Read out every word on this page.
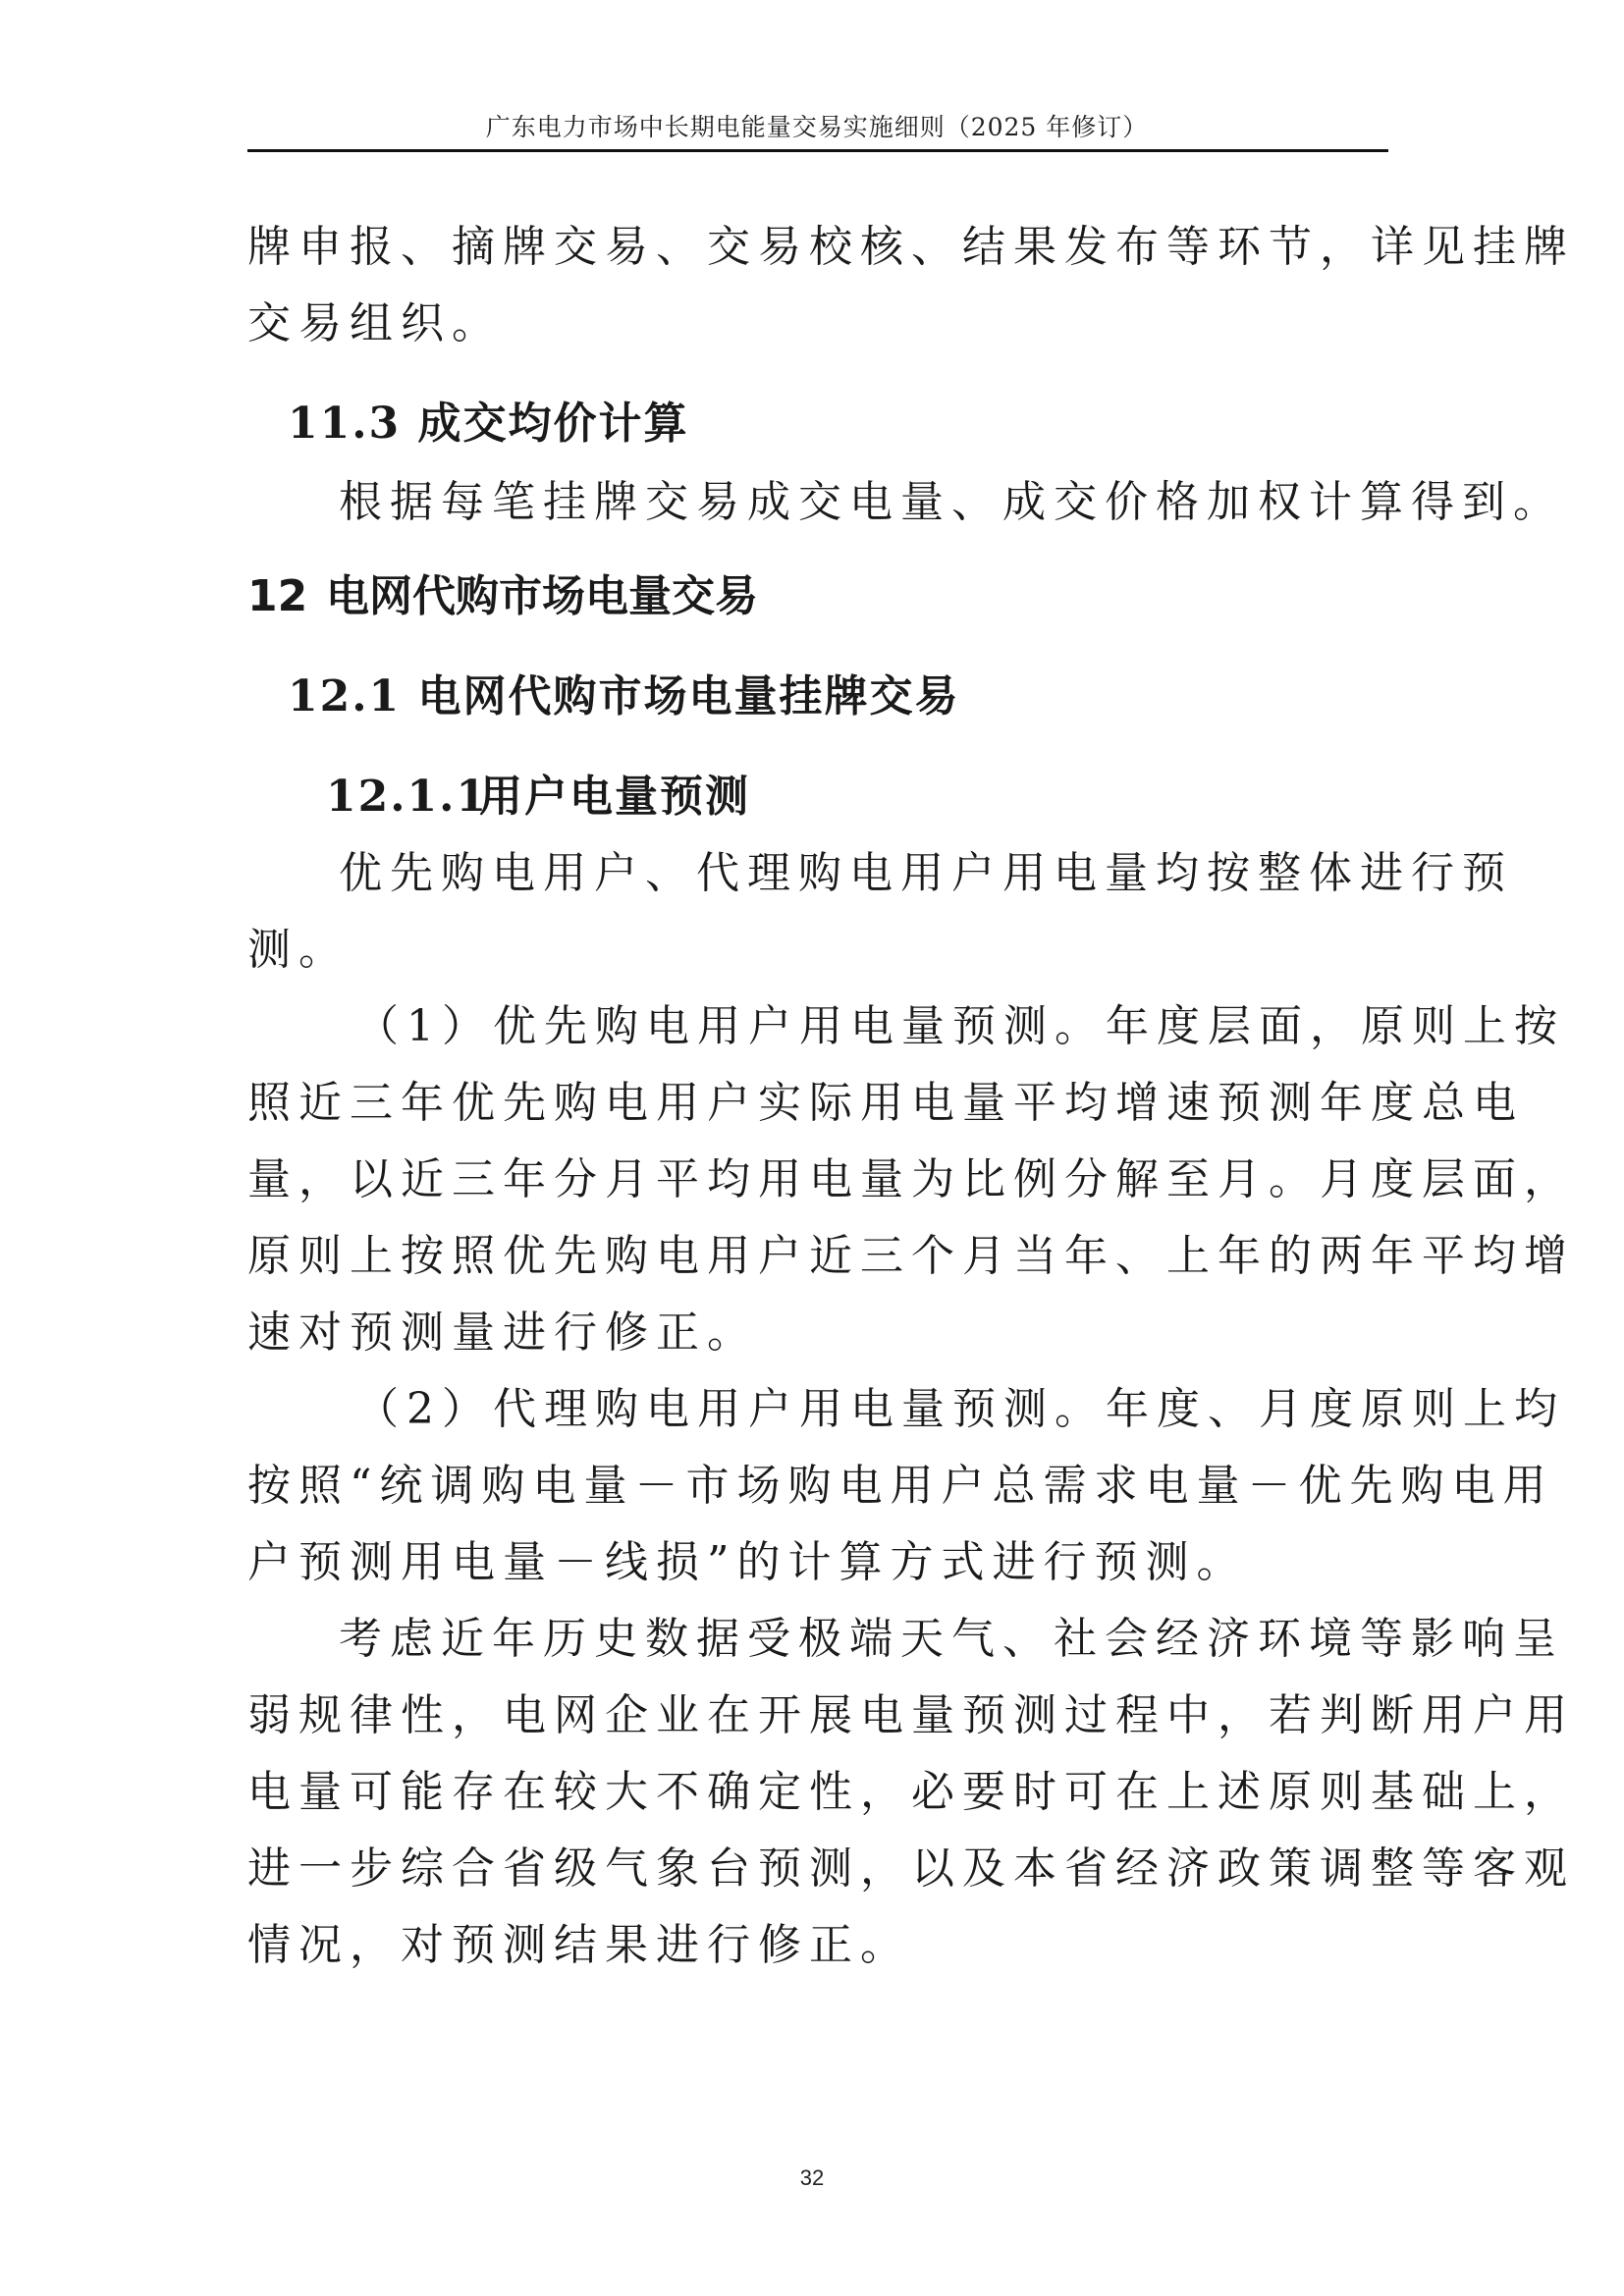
广东电力市场中长期电能量交易实施细则（2025 年修订）
牌申报、摘牌交易、交易校核、结果发布等环节，详见挂牌
交易组织。
11.3 成交均价计算
根据每笔挂牌交易成交电量、成交价格加权计算得到。
12 电网代购市场电量交易
12.1 电网代购市场电量挂牌交易
12.1.1用户电量预测
优先购电用户、代理购电用户用电量均按整体进行预
测。
（1）优先购电用户用电量预测。年度层面，原则上按
照近三年优先购电用户实际用电量平均增速预测年度总电
量，以近三年分月平均用电量为比例分解至月。月度层面，
原则上按照优先购电用户近三个月当年、上年的两年平均增
速对预测量进行修正。
（2）代理购电用户用电量预测。年度、月度原则上均
按照“统调购电量－市场购电用户总需求电量－优先购电用
户预测用电量－线损”的计算方式进行预测。
考虑近年历史数据受极端天气、社会经济环境等影响呈
弱规律性，电网企业在开展电量预测过程中，若判断用户用
电量可能存在较大不确定性，必要时可在上述原则基础上，
进一步综合省级气象台预测，以及本省经济政策调整等客观
情况，对预测结果进行修正。
32
